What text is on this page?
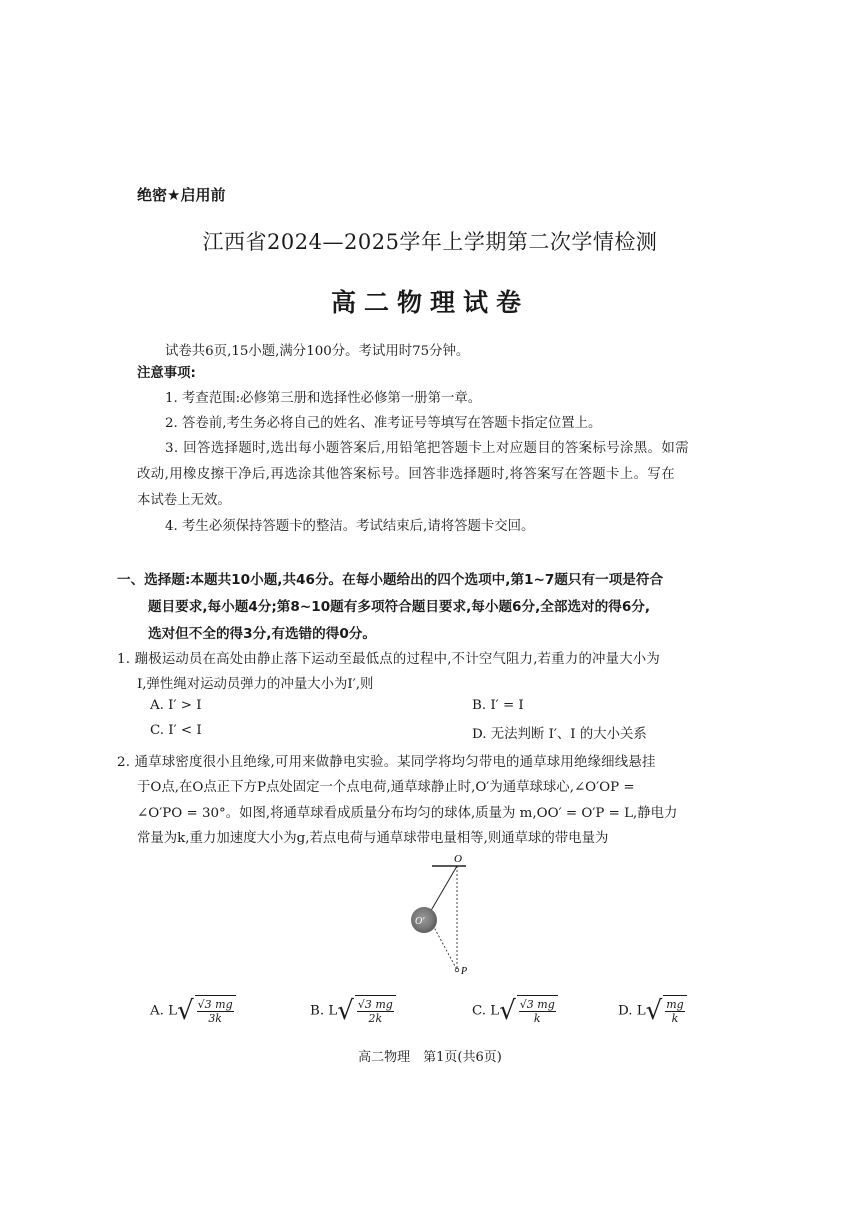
绝密★启用前
江西省2024—2025学年上学期第二次学情检测
高二物理试卷
试卷共6页,15小题,满分100分。考试用时75分钟。
注意事项:
1. 考查范围:必修第三册和选择性必修第一册第一章。
2. 答卷前,考生务必将自己的姓名、准考证号等填写在答题卡指定位置上。
3. 回答选择题时,选出每小题答案后,用铅笔把答题卡上对应题目的答案标号涂黑。如需
改动,用橡皮擦干净后,再选涂其他答案标号。回答非选择题时,将答案写在答题卡上。写在
本试卷上无效。
4. 考生必须保持答题卡的整洁。考试结束后,请将答题卡交回。
一、选择题:本题共10小题,共46分。在每小题给出的四个选项中,第1~7题只有一项是符合
题目要求,每小题4分;第8~10题有多项符合题目要求,每小题6分,全部选对的得6分,
选对但不全的得3分,有选错的得0分。
1. 蹦极运动员在高处由静止落下运动至最低点的过程中,不计空气阻力,若重力的冲量大小为
I,弹性绳对运动员弹力的冲量大小为I′,则
A. I′ > I	B. I′ = I
C. I′ < I	D. 无法判断 I′、I 的大小关系
2. 通草球密度很小且绝缘,可用来做静电实验。某同学将均匀带电的通草球用绝缘细线悬挂
于O点,在O点正下方P点处固定一个点电荷,通草球静止时,O′为通草球球心,∠O′OP =
∠O′PO = 30°。如图,将通草球看成质量分布均匀的球体,质量为 m,OO′ = O′P = L,静电力
常量为k,重力加速度大小为g,若点电荷与通草球带电量相等,则通草球的带电量为
O
O′
P
A. $L√ \frac{√3 mg}{3k}$	B. $L√ \frac{√3 mg}{2k}$	C. $L√ \frac{√3 mg}{k}$	D. $L√ \frac{mg}{k}$
高二物理　第1页(共6页)
